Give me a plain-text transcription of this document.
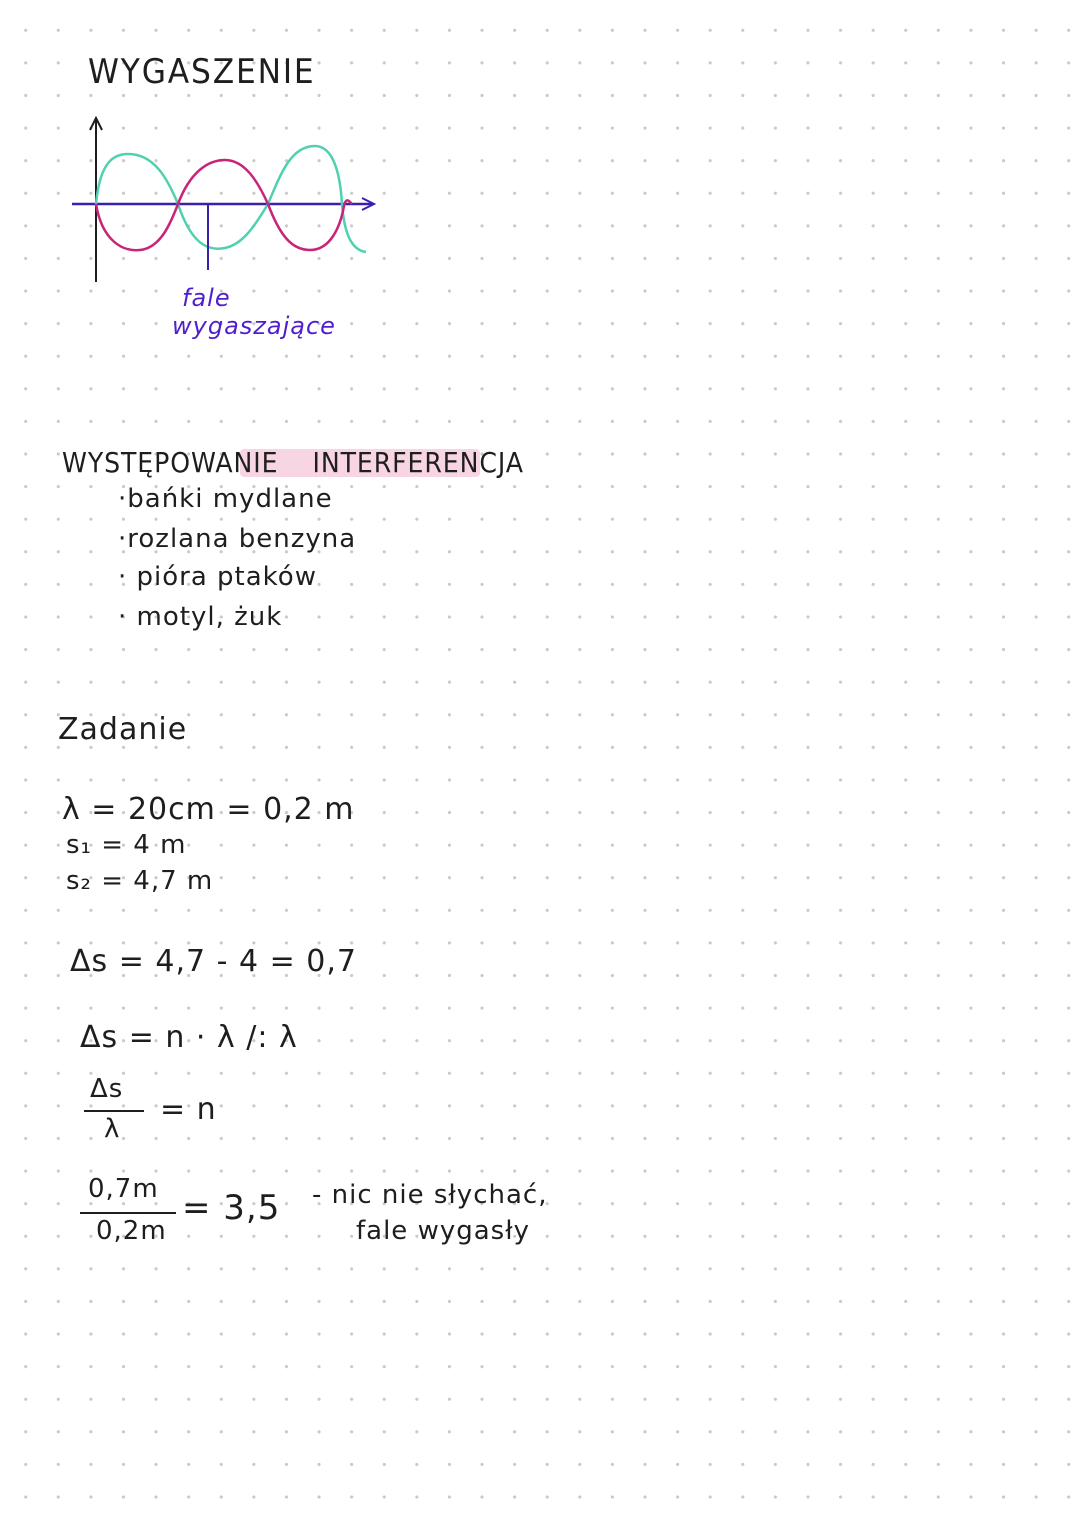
WYGASZENIE
fale
wygaszające
WYSTĘPOWANIE INTERFERENCJA
·bańki mydlane
·rozlana benzyna
· pióra ptaków
· motyl, żuk
Zadanie
λ = 20cm = 0,2 m
s₁ = 4 m
s₂ = 4,7 m
Δs = 4,7 - 4 = 0,7
Δs = n · λ /: λ
Δs
λ
= n
0,7m
0,2m
= 3,5 - nic nie słychać,
fale wygasły
